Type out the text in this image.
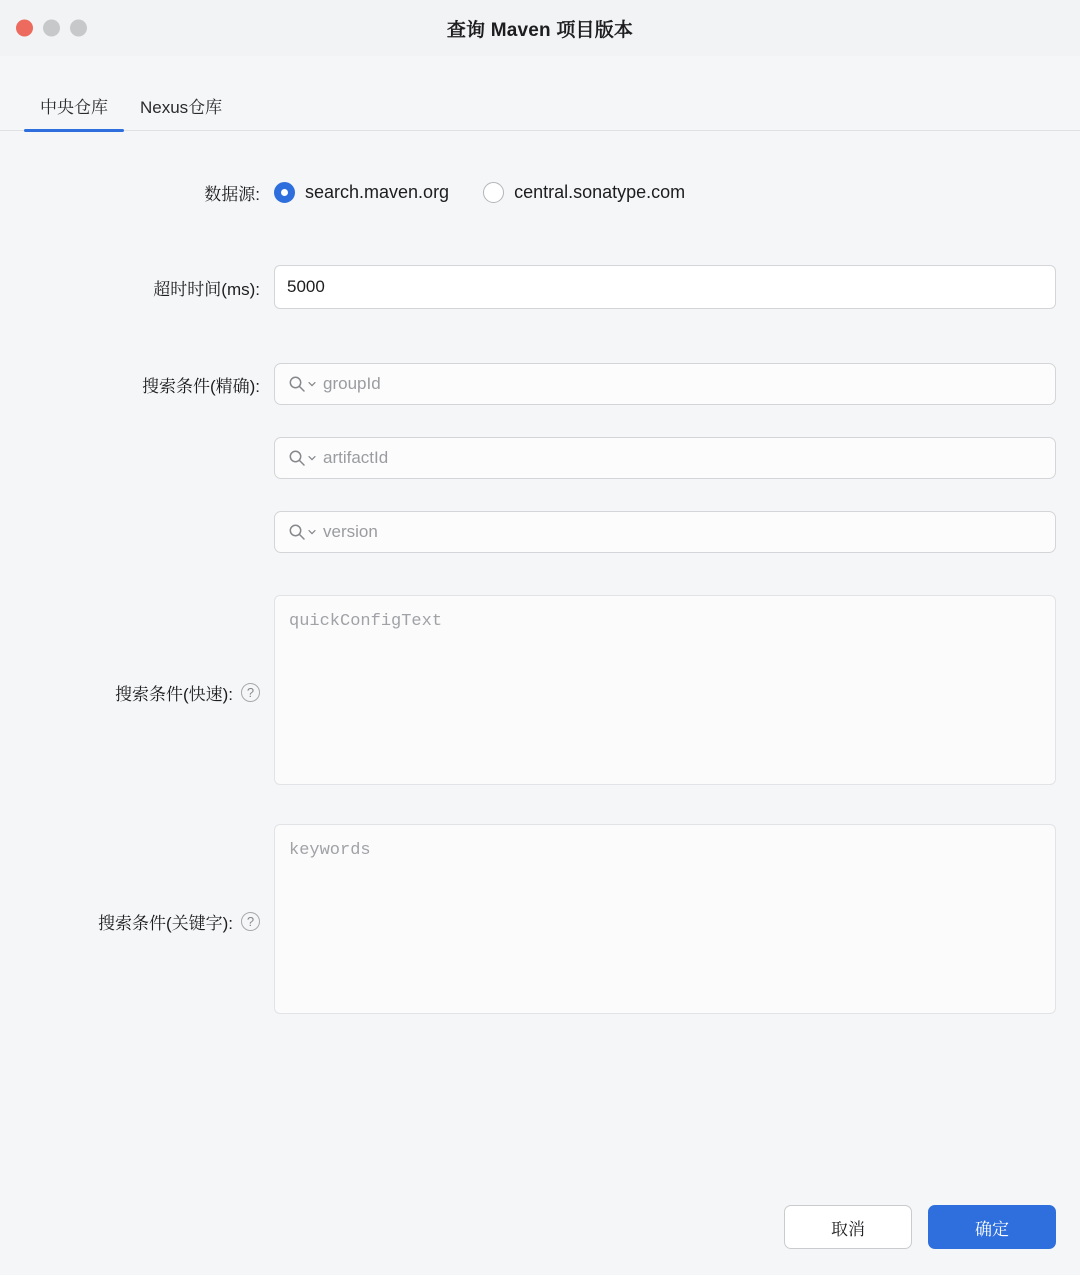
查询 Maven 项目版本
中央仓库	Nexus仓库
数据源:	search.maven.org	central.sonatype.com
超时时间(ms):
5000
搜索条件(精确):
groupId
artifactId
version
搜索条件(快速):	?
quickConfigText
搜索条件(关键字):	?
keywords
取消	确定
